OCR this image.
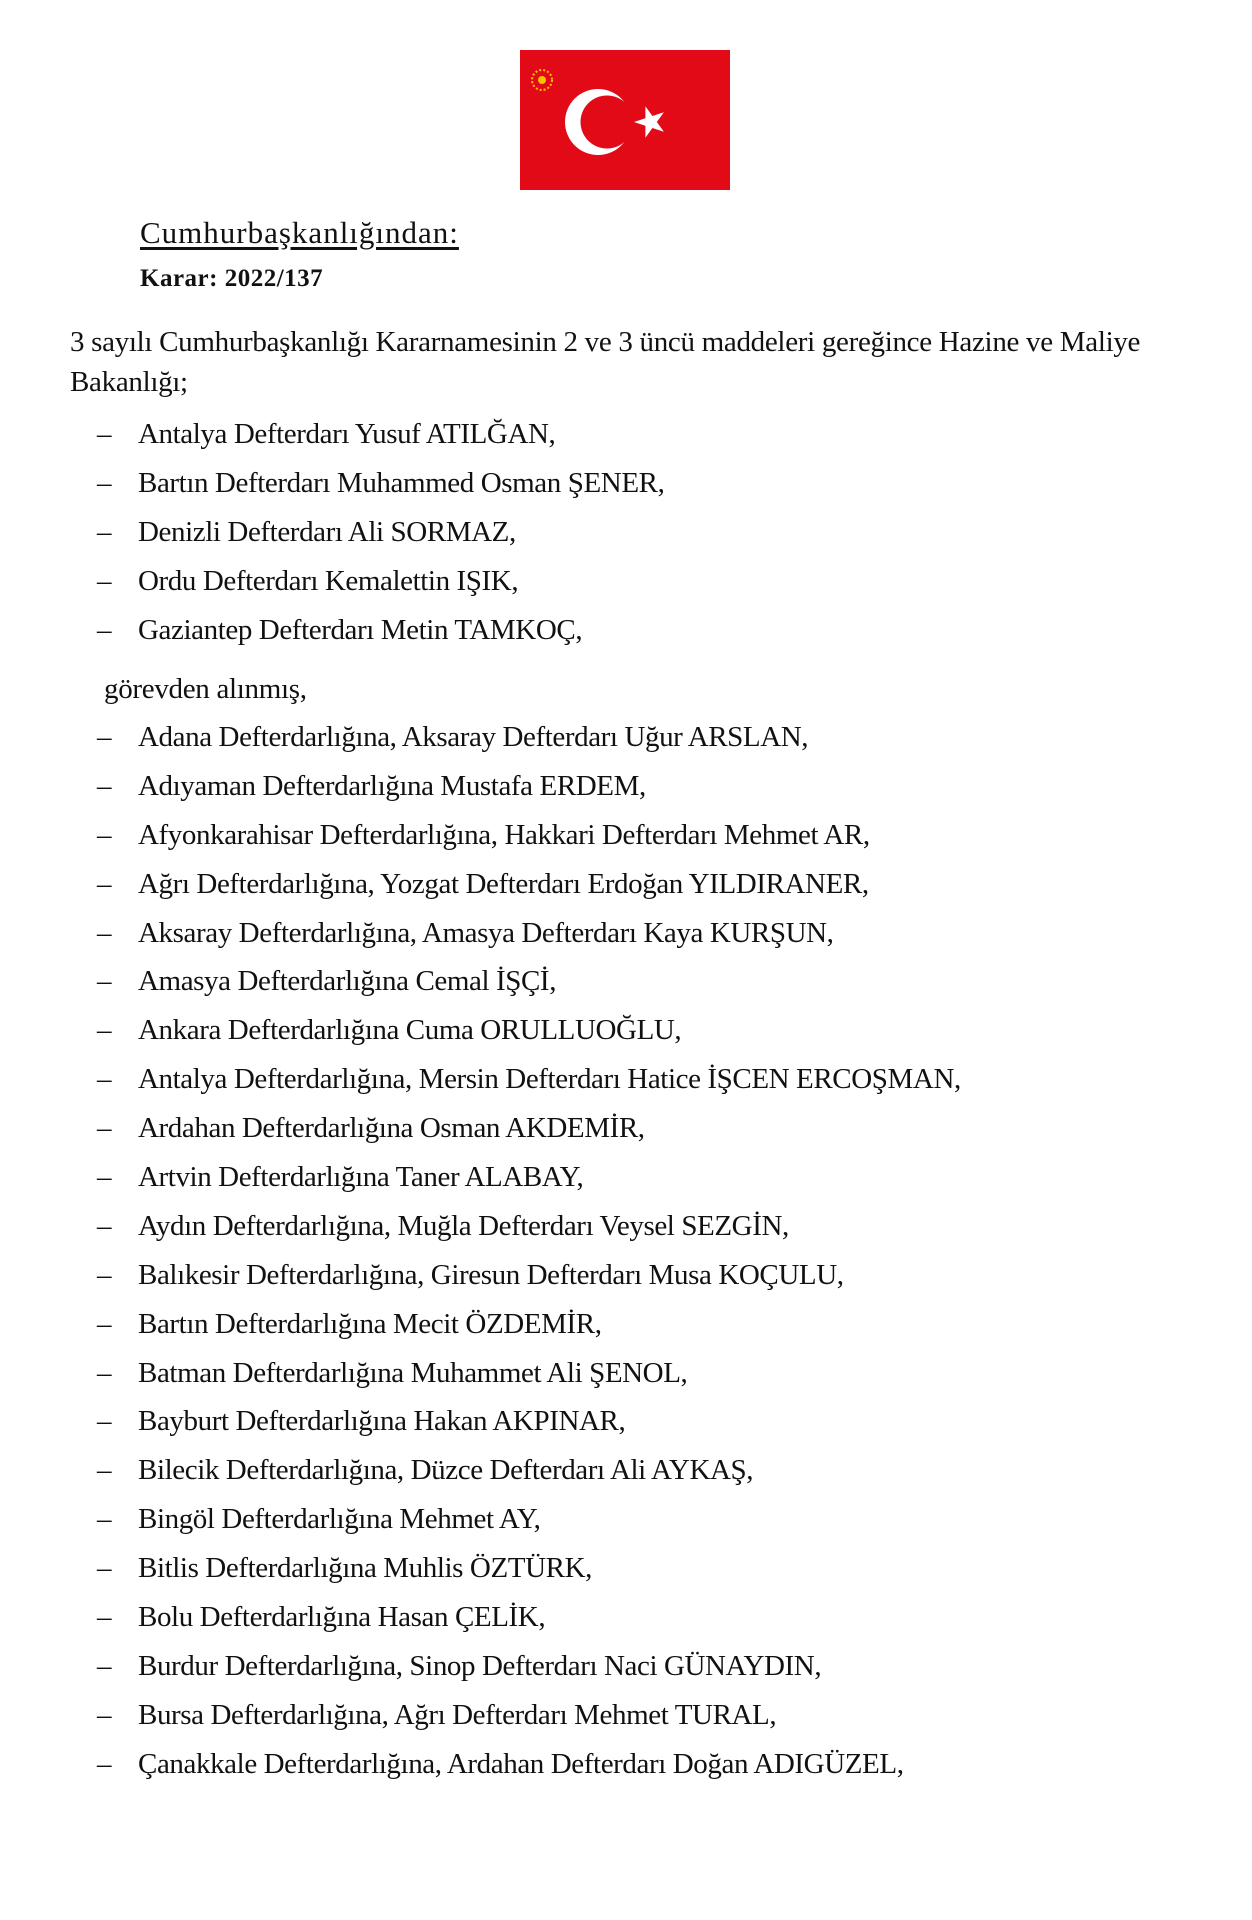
Cumhurbaşkanlığından:
Karar: 2022/137
3 sayılı Cumhurbaşkanlığı Kararnamesinin 2 ve 3 üncü maddeleri gereğince Hazine ve Maliye Bakanlığı;
– Antalya Defterdarı Yusuf ATILĞAN,
– Bartın Defterdarı Muhammed Osman ŞENER,
– Denizli Defterdarı Ali SORMAZ,
– Ordu Defterdarı Kemalettin IŞIK,
– Gaziantep Defterdarı Metin TAMKOÇ,
görevden alınmış,
– Adana Defterdarlığına, Aksaray Defterdarı Uğur ARSLAN,
– Adıyaman Defterdarlığına Mustafa ERDEM,
– Afyonkarahisar Defterdarlığına, Hakkari Defterdarı Mehmet AR,
– Ağrı Defterdarlığına, Yozgat Defterdarı Erdoğan YILDIRANER,
– Aksaray Defterdarlığına, Amasya Defterdarı Kaya KURŞUN,
– Amasya Defterdarlığına Cemal İŞÇİ,
– Ankara Defterdarlığına Cuma ORULLUOĞLU,
– Antalya Defterdarlığına, Mersin Defterdarı Hatice İŞCEN ERCOŞMAN,
– Ardahan Defterdarlığına Osman AKDEMİR,
– Artvin Defterdarlığına Taner ALABAY,
– Aydın Defterdarlığına, Muğla Defterdarı Veysel SEZGİN,
– Balıkesir Defterdarlığına, Giresun Defterdarı Musa KOÇULU,
– Bartın Defterdarlığına Mecit ÖZDEMİR,
– Batman Defterdarlığına Muhammet Ali ŞENOL,
– Bayburt Defterdarlığına Hakan AKPINAR,
– Bilecik Defterdarlığına, Düzce Defterdarı Ali AYKAŞ,
– Bingöl Defterdarlığına Mehmet AY,
– Bitlis Defterdarlığına Muhlis ÖZTÜRK,
– Bolu Defterdarlığına Hasan ÇELİK,
– Burdur Defterdarlığına, Sinop Defterdarı Naci GÜNAYDIN,
– Bursa Defterdarlığına, Ağrı Defterdarı Mehmet TURAL,
– Çanakkale Defterdarlığına, Ardahan Defterdarı Doğan ADIGÜZEL,
